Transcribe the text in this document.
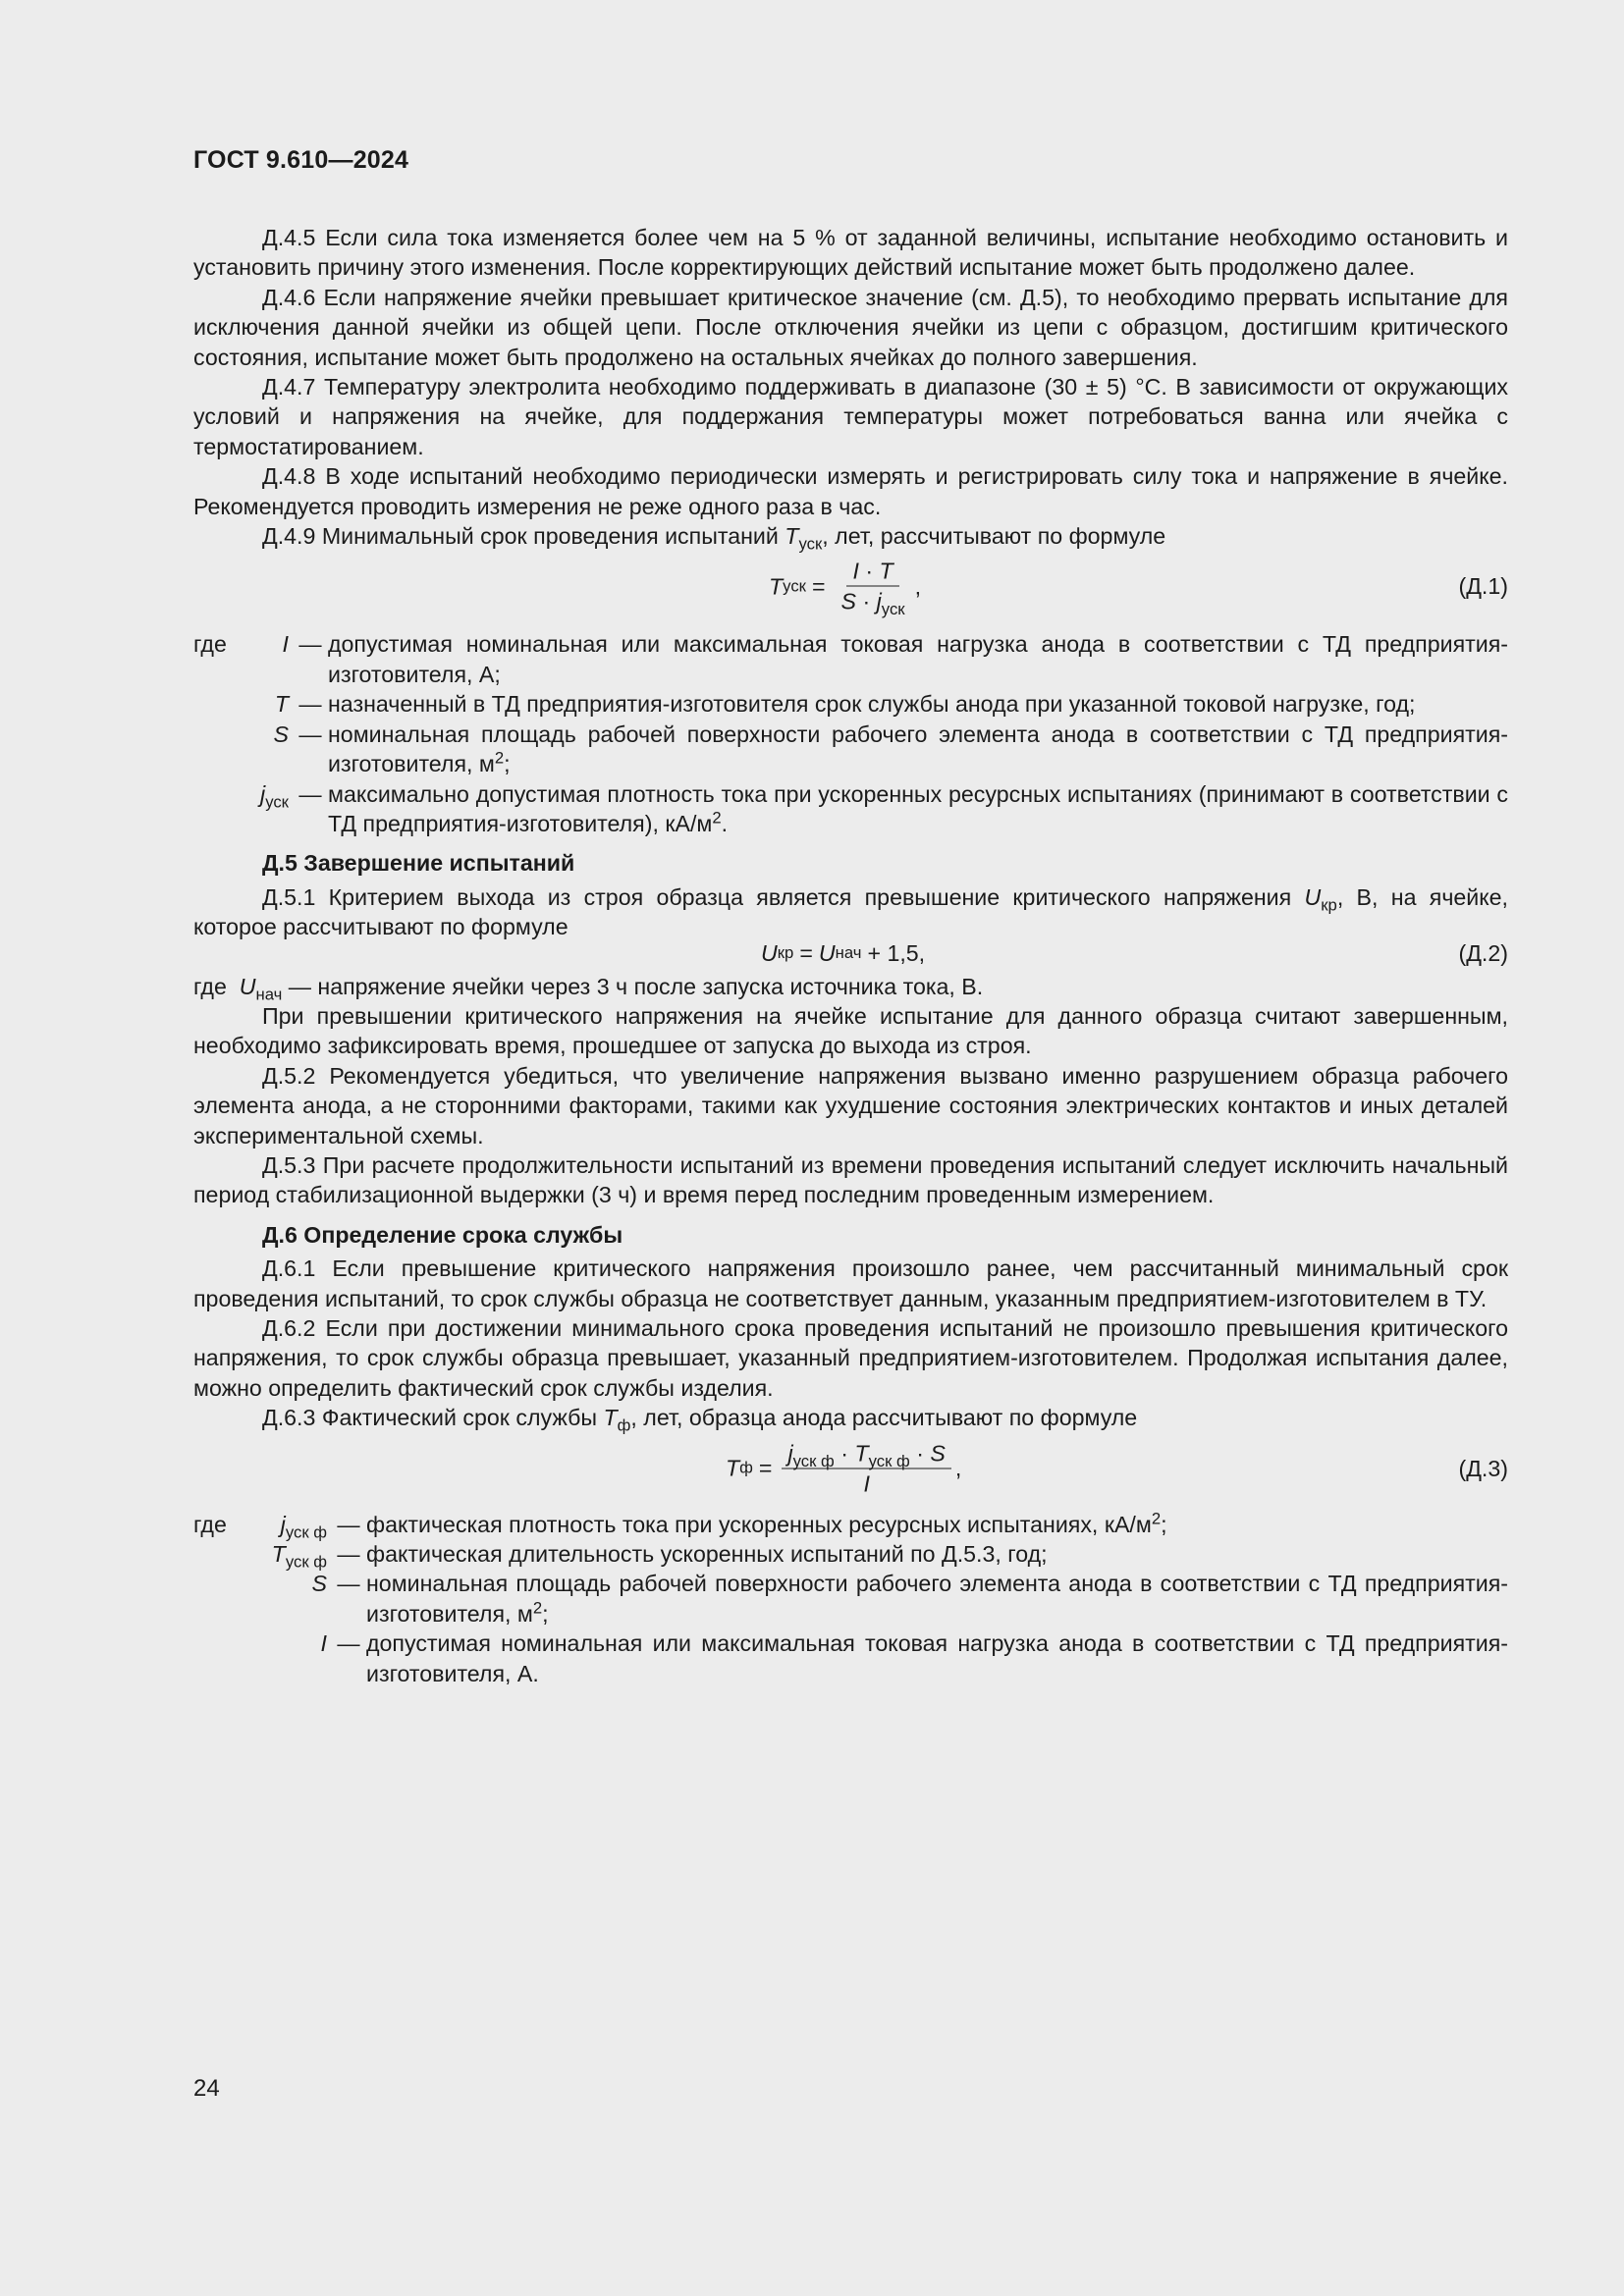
ГОСТ 9.610—2024

Д.4.5 Если сила тока изменяется более чем на 5 % от заданной величины, испытание необходимо остановить и установить причину этого изменения. После корректирующих действий испытание может быть продолжено далее.

Д.4.6 Если напряжение ячейки превышает критическое значение (см. Д.5), то необходимо прервать испытание для исключения данной ячейки из общей цепи. После отключения ячейки из цепи с образцом, достигшим критического состояния, испытание может быть продолжено на остальных ячейках до полного завершения.

Д.4.7 Температуру электролита необходимо поддерживать в диапазоне (30 ± 5) °С. В зависимости от окружающих условий и напряжения на ячейке, для поддержания температуры может потребоваться ванна или ячейка с термостатированием.

Д.4.8 В ходе испытаний необходимо периодически измерять и регистрировать силу тока и напряжение в ячейке. Рекомендуется проводить измерения не реже одного раза в час.

Д.4.9 Минимальный срок проведения испытаний $T_{уск}$, лет, рассчитывают по формуле

T уск = $\frac{I \cdot T}{S \cdot j_{уск}}$ ,	(Д.1)
где	I — допустимая номинальная или максимальная токовая нагрузка анода в соответствии с ТД предприятия-изготовителя, А;
T — назначенный в ТД предприятия-изготовителя срок службы анода при указанной токовой нагрузке, год;
S — номинальная площадь рабочей поверхности рабочего элемента анода в соответствии с ТД предприятия-изготовителя, $м^2$;
$j_{уск}$ — максимально допустимая плотность тока при ускоренных ресурсных испытаниях (принимают в соответствии с ТД предприятия-изготовителя), $кА/м^2$.

Д.5 Завершение испытаний

Д.5.1 Критерием выхода из строя образца является превышение критического напряжения $U_{кр}$, В, на ячейке, которое рассчитывают по формуле

U кр = U нач + 1,5,	(Д.2)

где $U_{нач}$ — напряжение ячейки через 3 ч после запуска источника тока, В.

При превышении критического напряжения на ячейке испытание для данного образца считают завершенным, необходимо зафиксировать время, прошедшее от запуска до выхода из строя.

Д.5.2 Рекомендуется убедиться, что увеличение напряжения вызвано именно разрушением образца рабочего элемента анода, а не сторонними факторами, такими как ухудшение состояния электрических контактов и иных деталей экспериментальной схемы.

Д.5.3 При расчете продолжительности испытаний из времени проведения испытаний следует исключить начальный период стабилизационной выдержки (3 ч) и время перед последним проведенным измерением.

Д.6 Определение срока службы

Д.6.1 Если превышение критического напряжения произошло ранее, чем рассчитанный минимальный срок проведения испытаний, то срок службы образца не соответствует данным, указанным предприятием-изготовителем в ТУ.

Д.6.2 Если при достижении минимального срока проведения испытаний не произошло превышения критического напряжения, то срок службы образца превышает, указанный предприятием-изготовителем. Продолжая испытания далее, можно определить фактический срок службы изделия.

Д.6.3 Фактический срок службы $T_ф$, лет, образца анода рассчитывают по формуле

T $ф = \frac{j_{уск ф} \cdot T_{уск ф} \cdot S}{I}$ ,	(Д.3)
где	$j_{уск ф}$ — фактическая плотность тока при ускоренных ресурсных испытаниях, $кА/м^2$;
$T_{уск ф}$ — фактическая длительность ускоренных испытаний по Д.5.3, год;
S — номинальная площадь рабочей поверхности рабочего элемента анода в соответствии с ТД предприятия-изготовителя, $м^2$;
I — допустимая номинальная или максимальная токовая нагрузка анода в соответствии с ТД предприятия-изготовителя, А.
24
